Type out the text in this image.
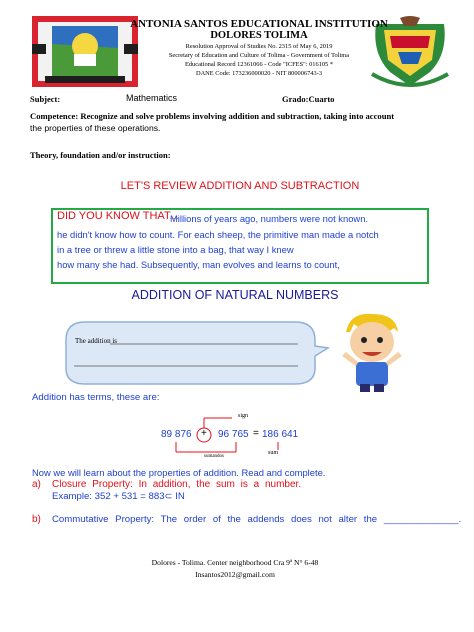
ANTONIA SANTOS EDUCATIONAL INSTITUTION
DOLORES TOLIMA
Resolution Approval of Studies No. 2315 of May 6, 2019
Secretary of Education and Culture of Tolima - Government of Tolima
Educational Record 12361066 - Code "ICFES": 016105 *
DANE Code: 173236000020 - NIT 800006743-3
Subject:	Mathematics	Grado:Cuarto
Competence: Recognize and solve problems involving addition and subtraction, taking into account
the properties of these operations.
Theory, foundation and/or instruction:
LET'S REVIEW ADDITION AND SUBTRACTION
DID YOU KNOW THAT...
Millions of years ago, numbers were not known.
he didn't know how to count. For each sheep, the primitive man made a notch
in a tree or threw a little stone into a bag, that way I knew
how many she had. Subsequently, man evolves and learns to count,
ADDITION OF NATURAL NUMBERS
The addition is
Addition has terms, these are:
sign
89 876 + 96 765 = 186 641
sum
sumandos
Now we will learn about the properties of addition. Read and complete.
a) Closure Property: In addition, the sum is a number.
Example: 352 + 531 = 883⊂ IN
b) Commutative Property: The order of the addends does not alter the ______________.
Dolores - Tolima. Center neighborhood Cra 9ª N° 6-48
Insantos2012@gmail.com
